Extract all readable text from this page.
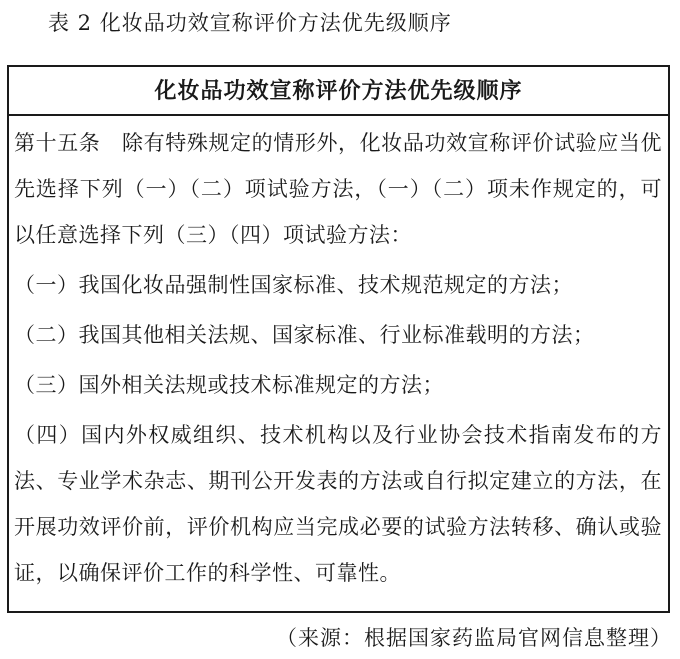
表 2 化妆品功效宣称评价方法优先级顺序
化妆品功效宣称评价方法优先级顺序

第十五条　除有特殊规定的情形外，化妆品功效宣称评价试验应当优先选择下列（一）（二）项试验方法，（一）（二）项未作规定的，可以任意选择下列（三）（四）项试验方法：

（一）我国化妆品强制性国家标准、技术规范规定的方法；

（二）我国其他相关法规、国家标准、行业标准载明的方法；

（三）国外相关法规或技术标准规定的方法；

（四）国内外权威组织、技术机构以及行业协会技术指南发布的方法、专业学术杂志、期刊公开发表的方法或自行拟定建立的方法，在开展功效评价前，评价机构应当完成必要的试验方法转移、确认或验证，以确保评价工作的科学性、可靠性。

（来源：根据国家药监局官网信息整理）
